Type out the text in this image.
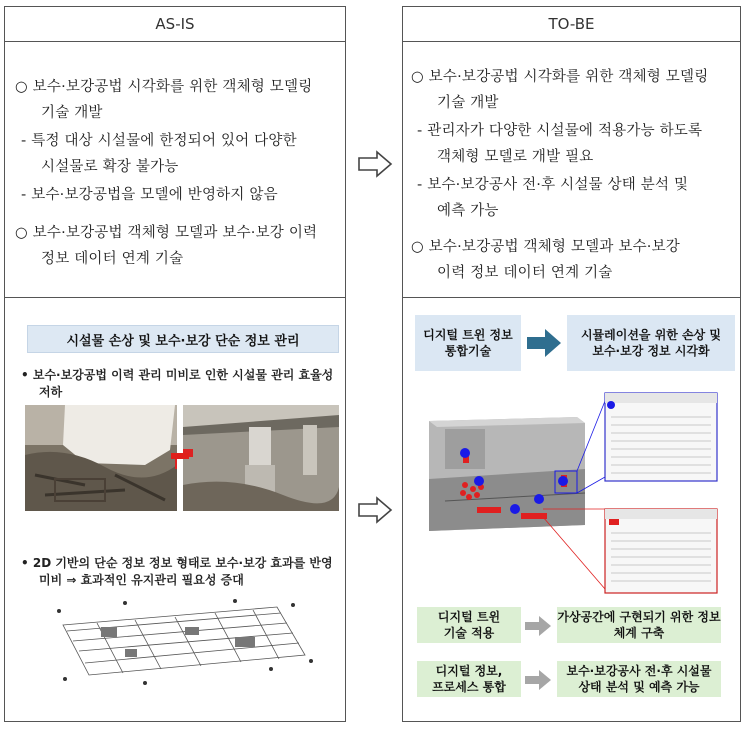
AS-IS
○ 보수·보강공법 시각화를 위한 객체형 모델링
기술 개발
- 특정 대상 시설물에 한정되어 있어 다양한
시설물로 확장 불가능
- 보수·보강공법을 모델에 반영하지 않음
○ 보수·보강공법 객체형 모델과 보수·보강 이력
정보 데이터 연계 기술
시설물 손상 및 보수·보강 단순 정보 관리
• 보수·보강공법 이력 관리 미비로 인한 시설물 관리 효율성
저하
• 2D 기반의 단순 정보 정보 형태로 보수·보강 효과를 반영
미비 ⇒ 효과적인 유지관리 필요성 증대
TO-BE
○ 보수·보강공법 시각화를 위한 객체형 모델링
기술 개발
- 관리자가 다양한 시설물에 적용가능 하도록
객체형 모델로 개발 필요
- 보수·보강공사 전·후 시설물 상태 분석 및
예측 가능
○ 보수·보강공법 객체형 모델과 보수·보강
이력 정보 데이터 연계 기술
디지털 트윈 정보
통합기술
시뮬레이션을 위한 손상 및
보수·보강 정보 시각화
디지털 트윈
기술 적용
가상공간에 구현되기 위한 정보
체계 구축
디지털 정보,
프로세스 통합
보수·보강공사 전·후 시설물
상태 분석 및 예측 가능
